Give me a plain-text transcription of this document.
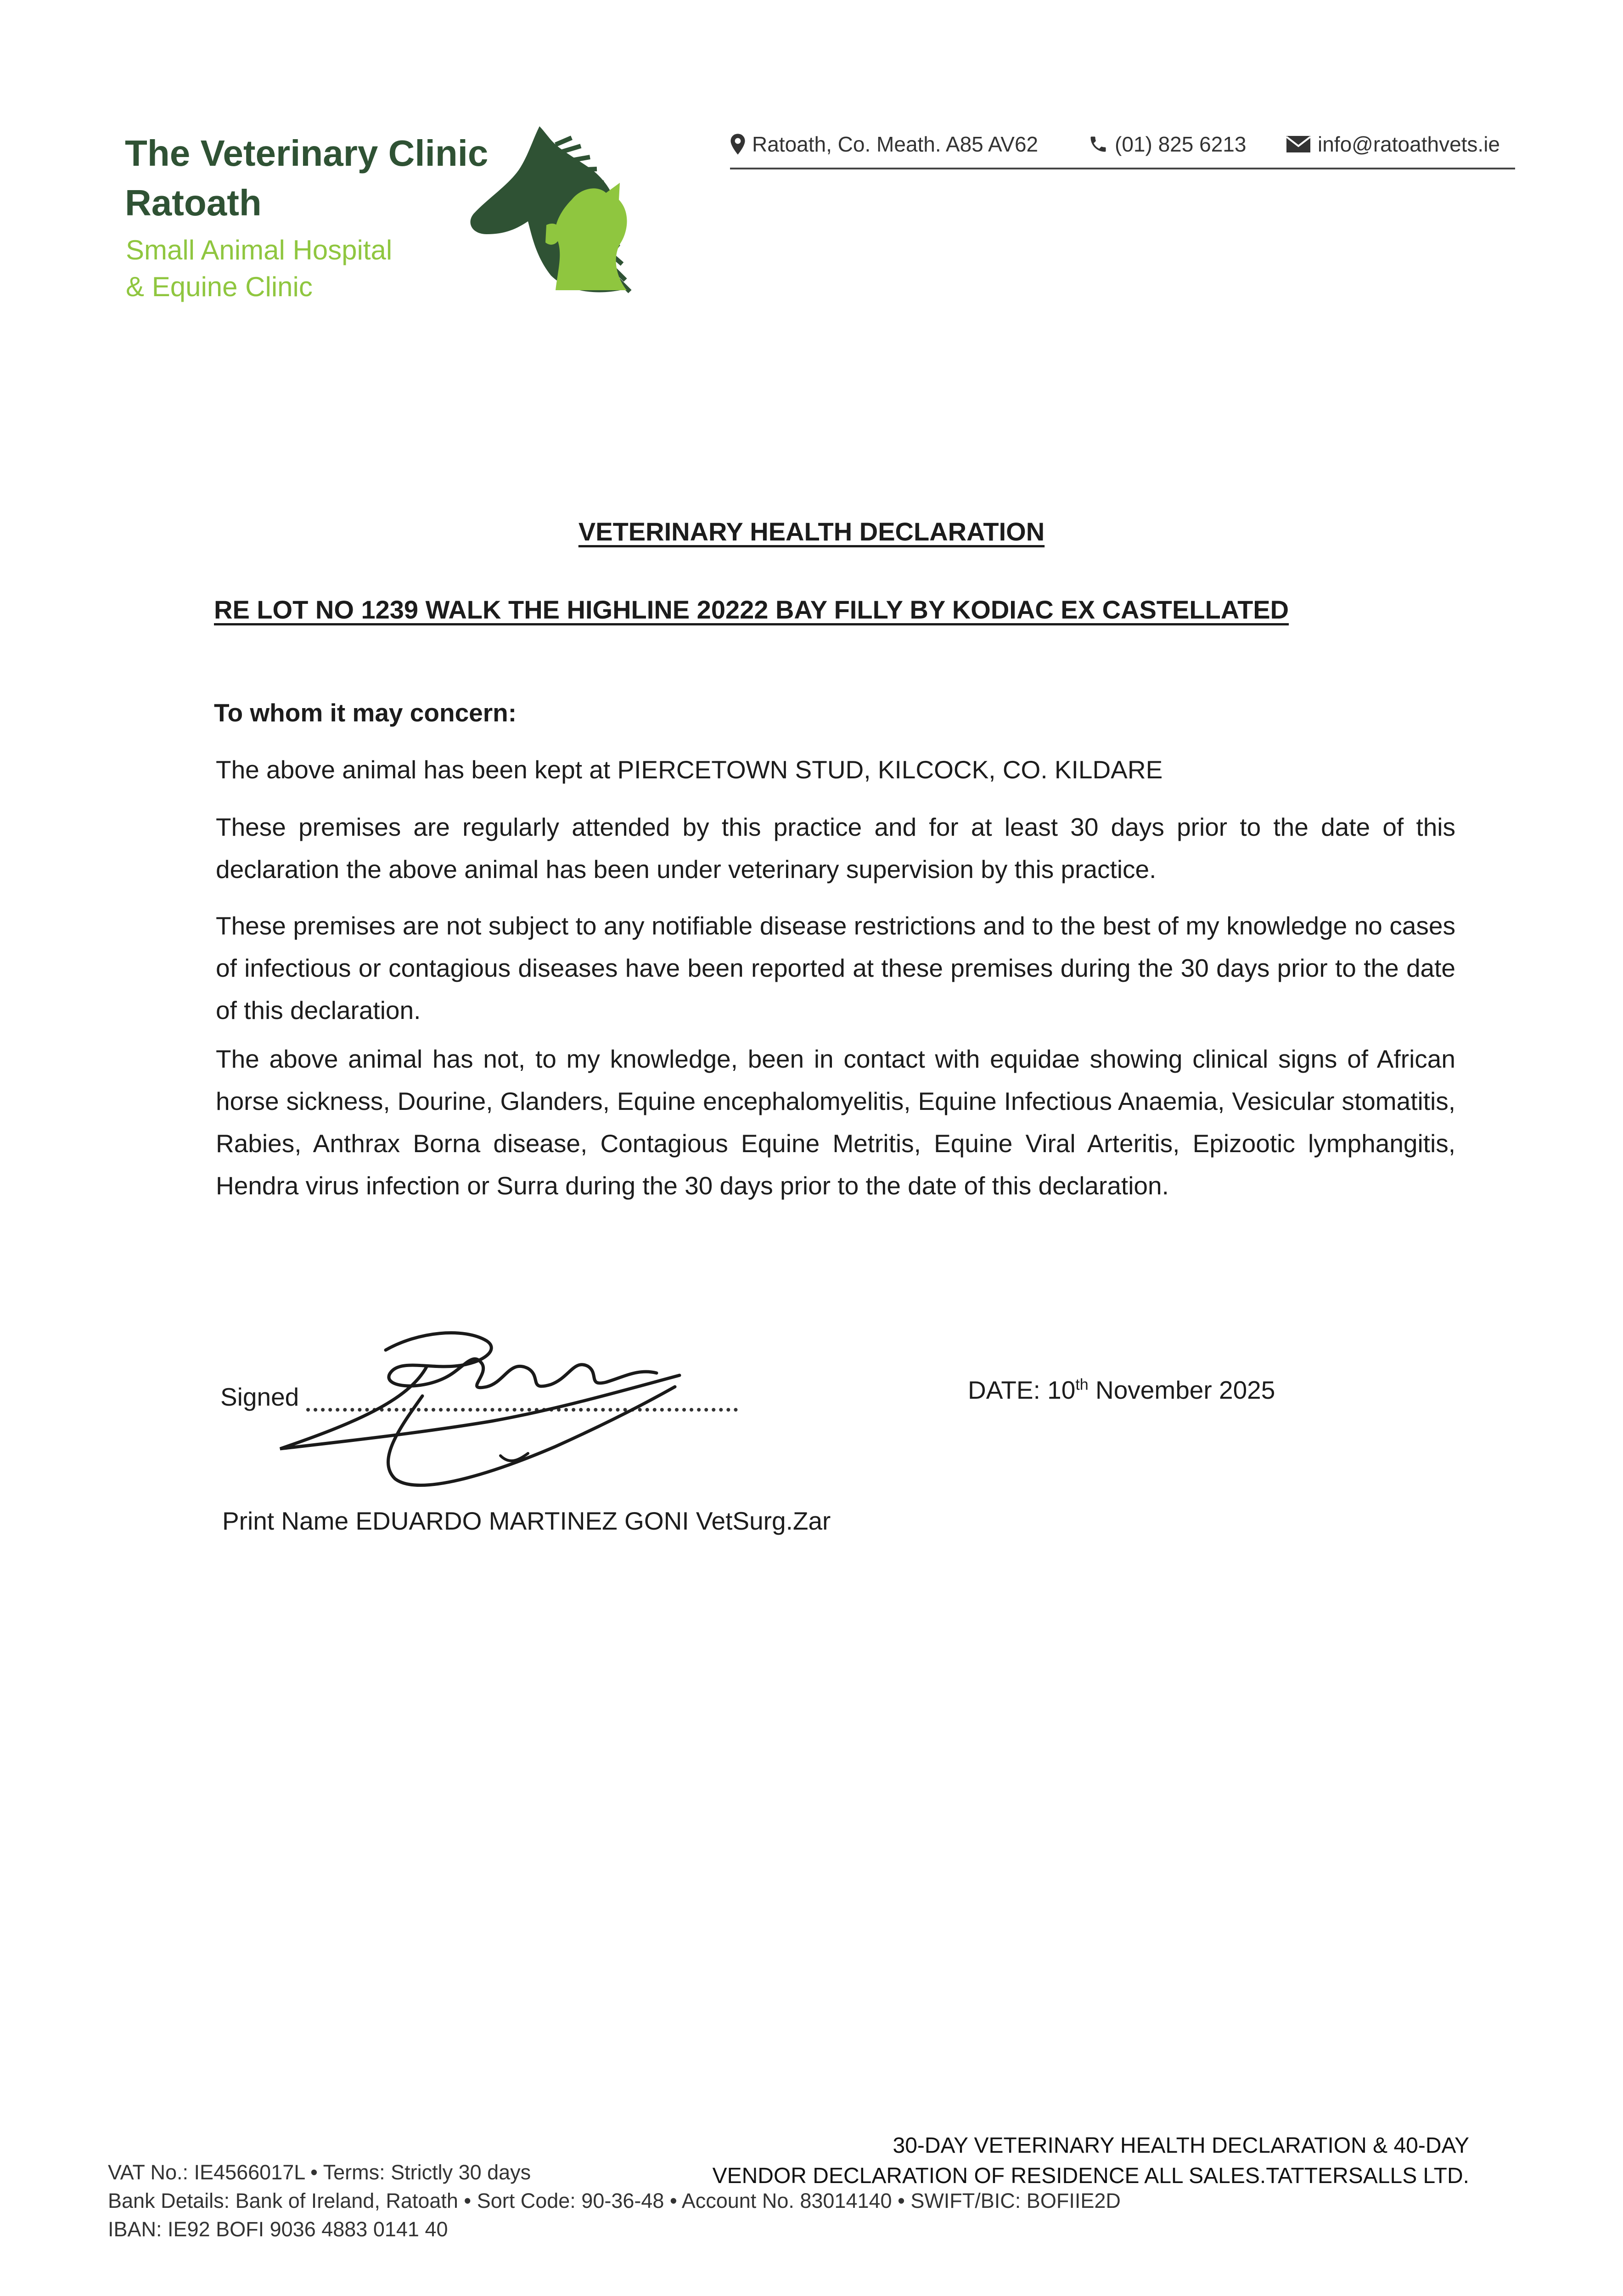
The Veterinary Clinic
Ratoath
Small Animal Hospital
& Equine Clinic
Ratoath, Co. Meath. A85 AV62	(01) 825 6213	info@ratoathvets.ie
VETERINARY HEALTH DECLARATION
RE LOT NO 1239 WALK THE HIGHLINE 20222 BAY FILLY BY KODIAC EX CASTELLATED
To whom it may concern:
The above animal has been kept at PIERCETOWN STUD, KILCOCK, CO. KILDARE
These premises are regularly attended by this practice and for at least 30 days prior to the date of this declaration the above animal has been under veterinary supervision by this practice.
These premises are not subject to any notifiable disease restrictions and to the best of my knowledge no cases of infectious or contagious diseases have been reported at these premises during the 30 days prior to the date of this declaration.
The above animal has not, to my knowledge, been in contact with equidae showing clinical signs of African horse sickness, Dourine, Glanders, Equine encephalomyelitis, Equine Infectious Anaemia, Vesicular stomatitis, Rabies, Anthrax Borna disease, Contagious Equine Metritis, Equine Viral Arteritis, Epizootic lymphangitis, Hendra virus infection or Surra during the 30 days prior to the date of this declaration.
Signed	DATE: 10th November 2025
Print Name EDUARDO MARTINEZ GONI VetSurg.Zar
30-DAY VETERINARY HEALTH DECLARATION & 40-DAY
VENDOR DECLARATION OF RESIDENCE ALL SALES.TATTERSALLS LTD.
VAT No.: IE4566017L • Terms: Strictly 30 days
Bank Details: Bank of Ireland, Ratoath • Sort Code: 90-36-48 • Account No. 83014140 • SWIFT/BIC: BOFIIE2D
IBAN: IE92 BOFI 9036 4883 0141 40
